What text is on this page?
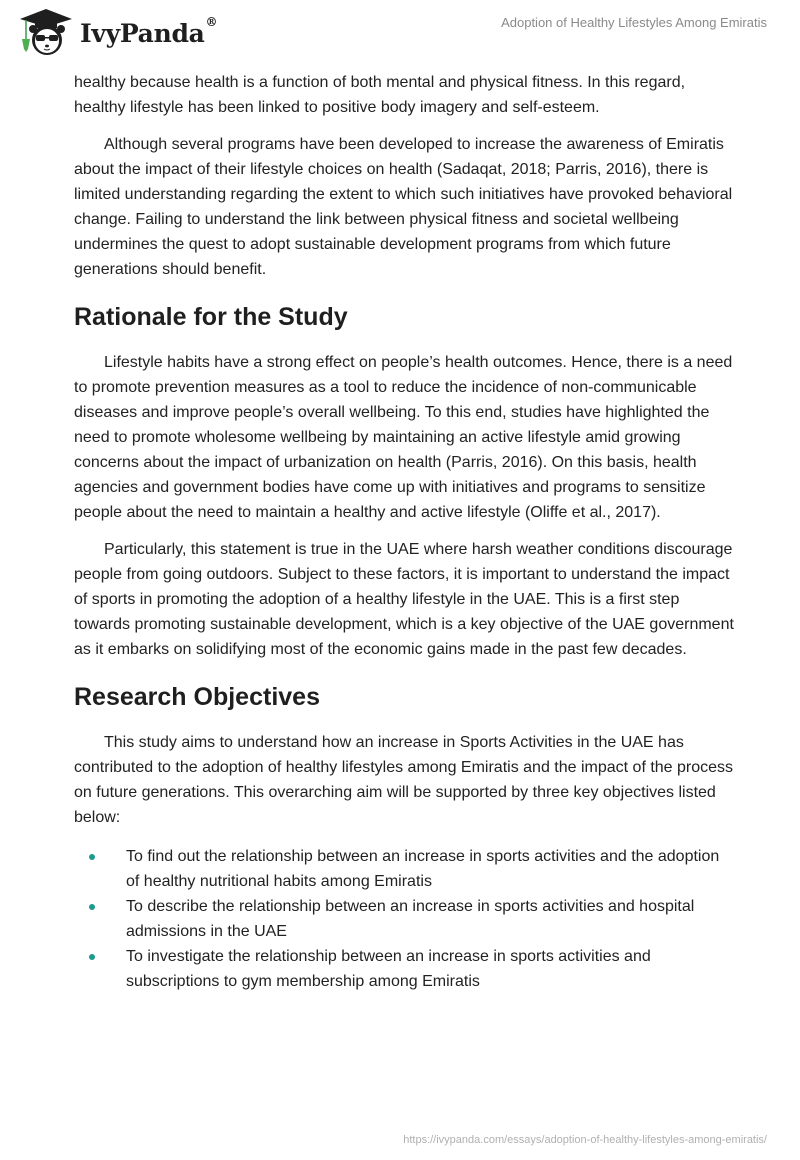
IvyPanda ®	Adoption of Healthy Lifestyles Among Emiratis

healthy because health is a function of both mental and physical fitness. In this regard, healthy lifestyle has been linked to positive body imagery and self-esteem.

Although several programs have been developed to increase the awareness of Emiratis about the impact of their lifestyle choices on health (Sadaqat, 2018; Parris, 2016), there is limited understanding regarding the extent to which such initiatives have provoked behavioral change. Failing to understand the link between physical fitness and societal wellbeing undermines the quest to adopt sustainable development programs from which future generations should benefit.

Rationale for the Study

Lifestyle habits have a strong effect on people’s health outcomes. Hence, there is a need to promote prevention measures as a tool to reduce the incidence of non-communicable diseases and improve people’s overall wellbeing. To this end, studies have highlighted the need to promote wholesome wellbeing by maintaining an active lifestyle amid growing concerns about the impact of urbanization on health (Parris, 2016). On this basis, health agencies and government bodies have come up with initiatives and programs to sensitize people about the need to maintain a healthy and active lifestyle (Oliffe et al., 2017).

Particularly, this statement is true in the UAE where harsh weather conditions discourage people from going outdoors. Subject to these factors, it is important to understand the impact of sports in promoting the adoption of a healthy lifestyle in the UAE. This is a first step towards promoting sustainable development, which is a key objective of the UAE government as it embarks on solidifying most of the economic gains made in the past few decades.

Research Objectives

This study aims to understand how an increase in Sports Activities in the UAE has contributed to the adoption of healthy lifestyles among Emiratis and the impact of the process on future generations. This overarching aim will be supported by three key objectives listed below:

To find out the relationship between an increase in sports activities and the adoption of healthy nutritional habits among Emiratis
To describe the relationship between an increase in sports activities and hospital admissions in the UAE
To investigate the relationship between an increase in sports activities and subscriptions to gym membership among Emiratis
https://ivypanda.com/essays/adoption-of-healthy-lifestyles-among-emiratis/
